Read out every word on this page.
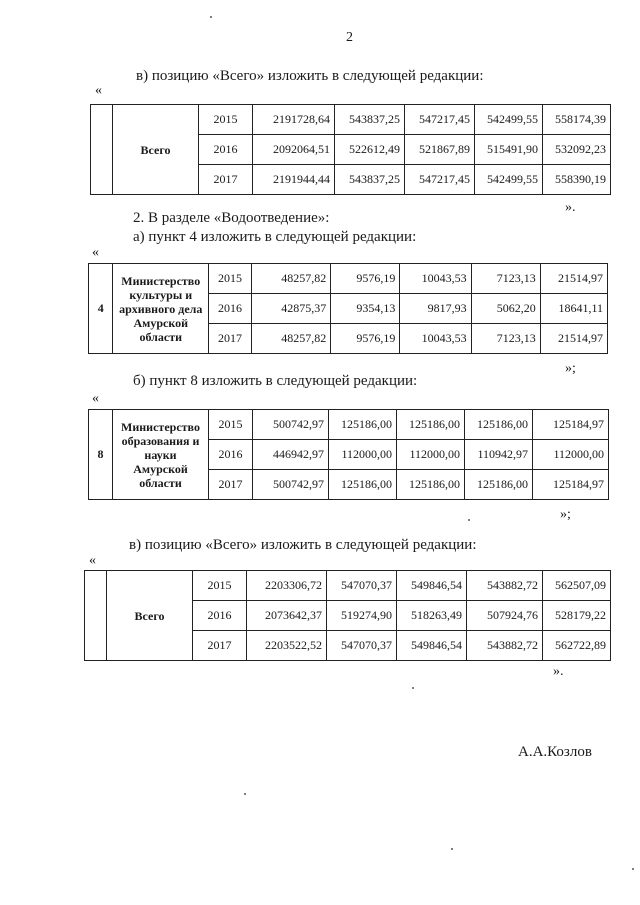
2
в) позицию «Всего» изложить в следующей редакции:
«
	Всего	2015	2191728,64	543837,25	547217,45	542499,55	558174,39
		2016	2092064,51	522612,49	521867,89	515491,90	532092,23
		2017	2191944,44	543837,25	547217,45	542499,55	558390,19
».
2. В разделе «Водоотведение»:
а) пункт 4 изложить в следующей редакции:
«
4	Министерство культуры и архивного дела Амурской области	2015	48257,82	9576,19	10043,53	7123,13	21514,97
		2016	42875,37	9354,13	9817,93	5062,20	18641,11
		2017	48257,82	9576,19	10043,53	7123,13	21514,97
»;
б) пункт 8 изложить в следующей редакции:
«
8	Министерство образования и науки Амурской области	2015	500742,97	125186,00	125186,00	125186,00	125184,97
		2016	446942,97	112000,00	112000,00	110942,97	112000,00
		2017	500742,97	125186,00	125186,00	125186,00	125184,97
»;
в) позицию «Всего» изложить в следующей редакции:
«
	Всего	2015	2203306,72	547070,37	549846,54	543882,72	562507,09
		2016	2073642,37	519274,90	518263,49	507924,76	528179,22
		2017	2203522,52	547070,37	549846,54	543882,72	562722,89
».
А.А.Козлов
